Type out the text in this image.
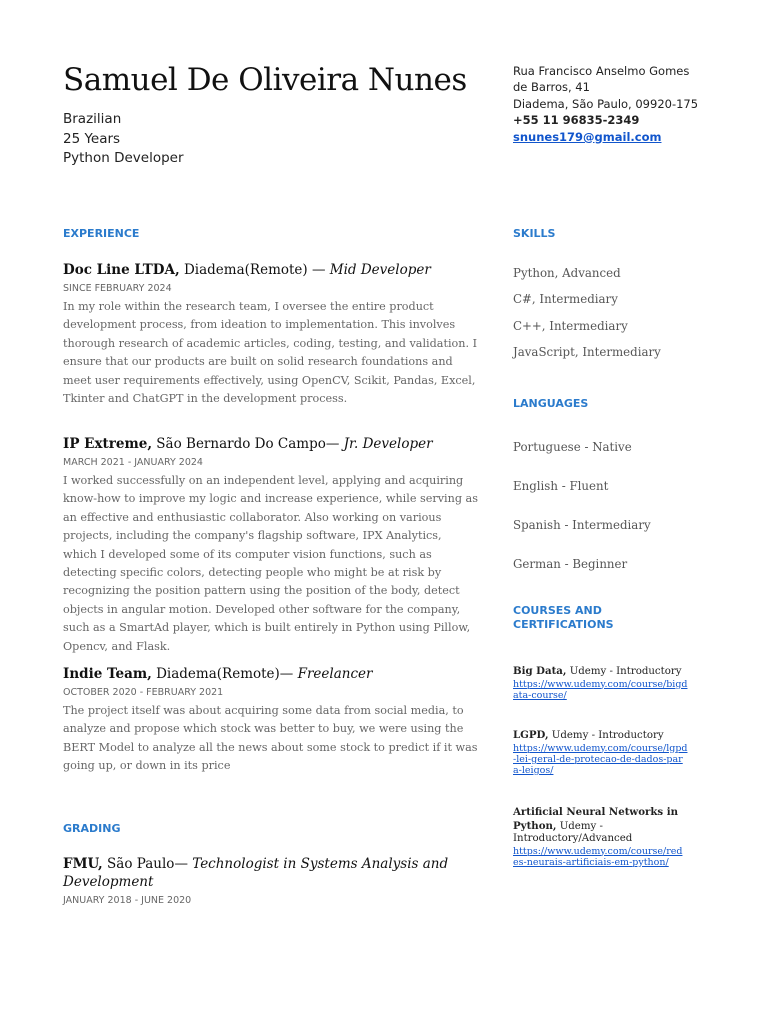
Samuel De Oliveira Nunes
Brazilian
25 Years
Python Developer
Rua Francisco Anselmo Gomes
de Barros, 41
Diadema, São Paulo, 09920-175
+55 11 96835-2349
snunes179@gmail.com
EXPERIENCE
Doc Line LTDA, Diadema(Remote) — Mid Developer
SINCE FEBRUARY 2024
In my role within the research team, I oversee the entire product development process, from ideation to implementation. This involves thorough research of academic articles, coding, testing, and validation. I ensure that our products are built on solid research foundations and meet user requirements effectively, using OpenCV, Scikit, Pandas, Excel, Tkinter and ChatGPT in the development process.
IP Extreme, São Bernardo Do Campo— Jr. Developer
MARCH 2021 - JANUARY 2024
I worked successfully on an independent level, applying and acquiring know-how to improve my logic and increase experience, while serving as an effective and enthusiastic collaborator. Also working on various projects, including the company's flagship software, IPX Analytics, which I developed some of its computer vision functions, such as detecting specific colors, detecting people who might be at risk by recognizing the position pattern using the position of the body, detect objects in angular motion. Developed other software for the company, such as a SmartAd player, which is built entirely in Python using Pillow, Opencv, and Flask.
Indie Team, Diadema(Remote)— Freelancer
OCTOBER 2020 - FEBRUARY 2021
The project itself was about acquiring some data from social media, to analyze and propose which stock was better to buy, we were using the BERT Model to analyze all the news about some stock to predict if it was going up, or down in its price
GRADING
FMU, São Paulo— Technologist in Systems Analysis and Development
JANUARY 2018 - JUNE 2020
SKILLS
Python, Advanced
C#, Intermediary
C++, Intermediary
JavaScript, Intermediary
LANGUAGES
Portuguese - Native
English - Fluent
Spanish - Intermediary
German - Beginner
COURSES AND CERTIFICATIONS
Big Data, Udemy - Introductory
https://www.udemy.com/course/bigdata-course/
LGPD, Udemy - Introductory
https://www.udemy.com/course/lgpd-lei-geral-de-protecao-de-dados-para-leigos/
Artificial Neural Networks in Python, Udemy - Introductory/Advanced
https://www.udemy.com/course/redes-neurais-artificiais-em-python/
